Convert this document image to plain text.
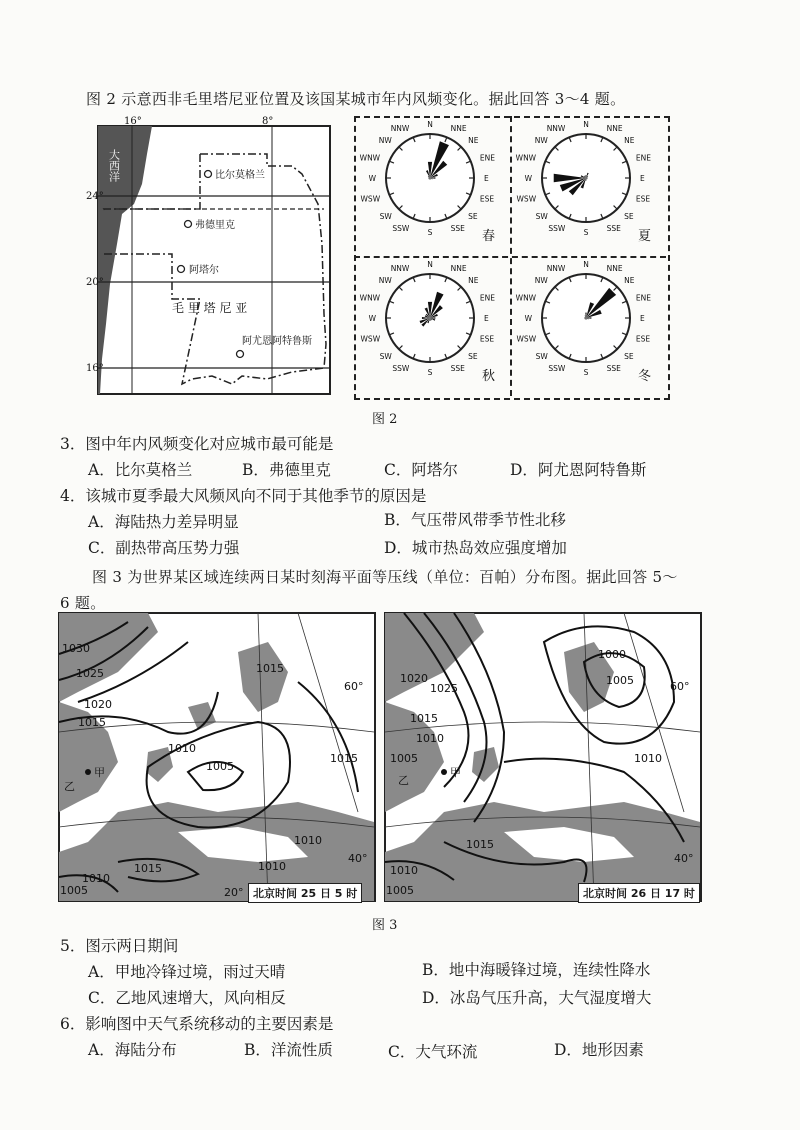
图 2 示意西非毛里塔尼亚位置及该国某城市年内风频变化。据此回答 3～4 题。
16°	8°
24°
20°
16°
大西洋	比尔莫格兰
弗德里克
阿塔尔
阿尤恩阿特鲁斯
毛 里 塔 尼 亚
N NNE
NE
ENE
E
ESE
SE
SSE
S
SSW
SW
WSW
W
WNW
NW
NNW
春
N NNE
NE
ENE
E
ESE
SE
SSE
S
SSW
SW
WSW
W
WNW
NW
NNW
夏
N NNE
NE
ENE
E
ESE
SE
SSE
S
SSW
SW
WSW
W
WNW
NW
NNW
秋
N NNE
NE
ENE
E
ESE
SE
SSE
S
SSW
SW
WSW
W
WNW
NW
NNW
冬
图 2
3．图中年内风频变化对应城市最可能是
A．比尔莫格兰	B．弗德里克	C．阿塔尔	D．阿尤恩阿特鲁斯
4．该城市夏季最大风频风向不同于其他季节的原因是
A．海陆热力差异明显	B．气压带风带季节性北移
C．副热带高压势力强	D．城市热岛效应强度增加
图 3 为世界某区域连续两日某时刻海平面等压线（单位：百帕）分布图。据此回答 5～
6 题。
1030
1025
1020
1015
1010
1005
1015
1015
1010
1010
1015
1005
1010
60°
40°
20°
甲
乙
北京时间 25 日 5 时
1025
1020
1015
1010
1005
1005
1000
1010
1015
1010
1005
60°
40°
甲
乙
北京时间 26 日 17 时
图 3
5．图示两日期间
A．甲地冷锋过境，雨过天晴	B．地中海暖锋过境，连续性降水
C．乙地风速增大，风向相反	D．冰岛气压升高，大气湿度增大
6．影响图中天气系统移动的主要因素是
A．海陆分布	B．洋流性质	C．大气环流	D．地形因素
